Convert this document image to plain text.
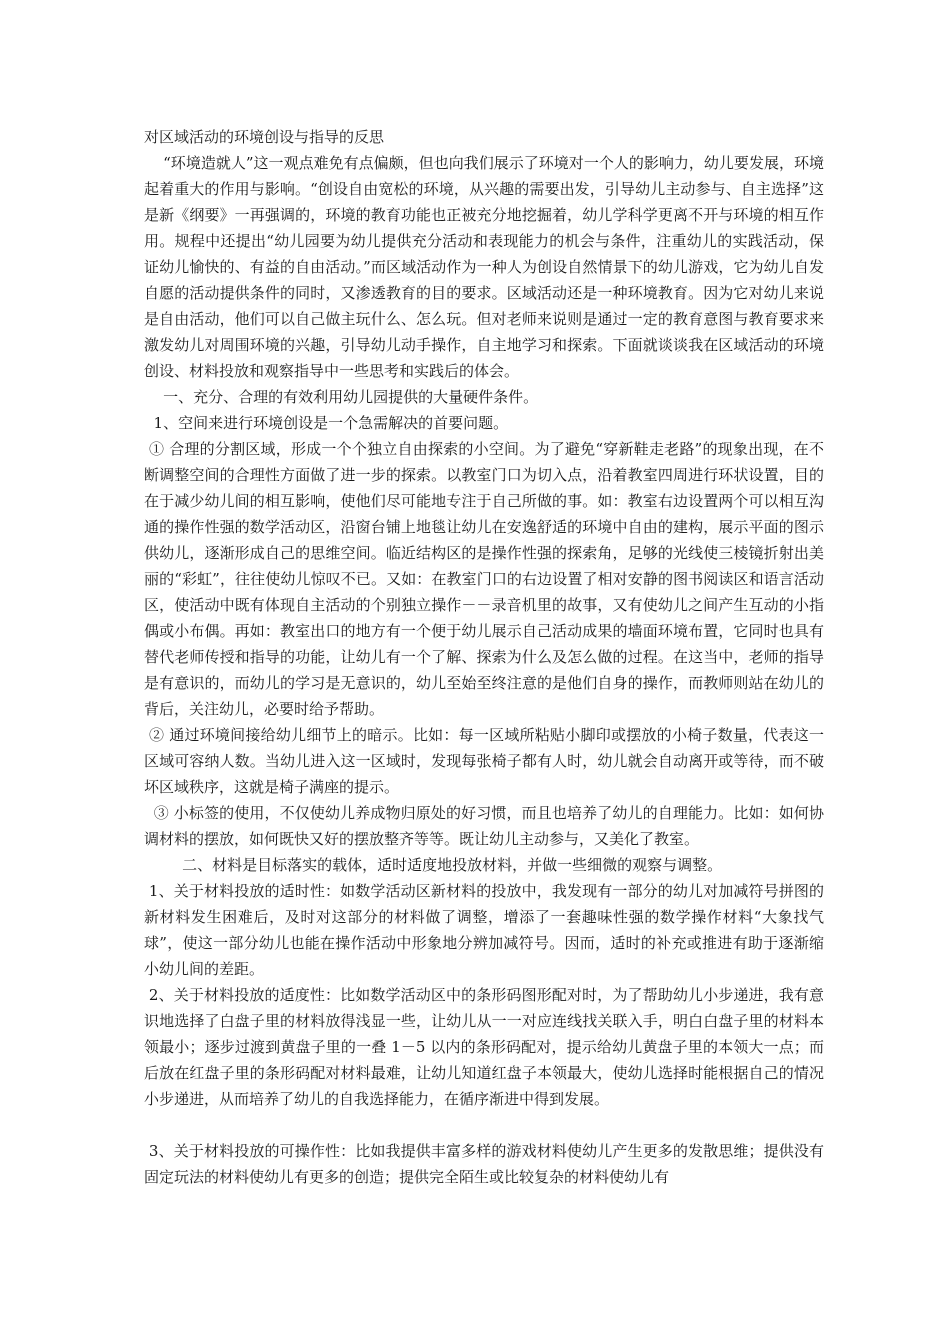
对区域活动的环境创设与指导的反思

“环境造就人”这一观点难免有点偏颇，但也向我们展示了环境对一个人的影响力，幼儿要发展，环境起着重大的作用与影响。“创设自由宽松的环境，从兴趣的需要出发，引导幼儿主动参与、自主选择”这是新《纲要》一再强调的，环境的教育功能也正被充分地挖掘着，幼儿学科学更离不开与环境的相互作用。规程中还提出“幼儿园要为幼儿提供充分活动和表现能力的机会与条件，注重幼儿的实践活动，保证幼儿愉快的、有益的自由活动。”而区域活动作为一种人为创设自然情景下的幼儿游戏，它为幼儿自发自愿的活动提供条件的同时，又渗透教育的目的要求。区域活动还是一种环境教育。因为它对幼儿来说是自由活动，他们可以自己做主玩什么、怎么玩。但对老师来说则是通过一定的教育意图与教育要求来激发幼儿对周围环境的兴趣，引导幼儿动手操作，自主地学习和探索。下面就谈谈我在区域活动的环境创设、材料投放和观察指导中一些思考和实践后的体会。

一、充分、合理的有效利用幼儿园提供的大量硬件条件。

1、空间来进行环境创设是一个急需解决的首要问题。

① 合理的分割区域，形成一个个独立自由探索的小空间。为了避免“穿新鞋走老路”的现象出现，在不断调整空间的合理性方面做了进一步的探索。以教室门口为切入点，沿着教室四周进行环状设置，目的在于减少幼儿间的相互影响，使他们尽可能地专注于自己所做的事。如：教室右边设置两个可以相互沟通的操作性强的数学活动区，沿窗台铺上地毯让幼儿在安逸舒适的环境中自由的建构，展示平面的图示供幼儿，逐渐形成自己的思维空间。临近结构区的是操作性强的探索角，足够的光线使三棱镜折射出美丽的“彩虹”，往往使幼儿惊叹不已。又如：在教室门口的右边设置了相对安静的图书阅读区和语言活动区，使活动中既有体现自主活动的个别独立操作－－录音机里的故事，又有使幼儿之间产生互动的小指偶或小布偶。再如：教室出口的地方有一个便于幼儿展示自己活动成果的墙面环境布置，它同时也具有替代老师传授和指导的功能，让幼儿有一个了解、探索为什么及怎么做的过程。在这当中，老师的指导是有意识的，而幼儿的学习是无意识的，幼儿至始至终注意的是他们自身的操作，而教师则站在幼儿的背后，关注幼儿，必要时给予帮助。

② 通过环境间接给幼儿细节上的暗示。比如：每一区域所粘贴小脚印或摆放的小椅子数量，代表这一区域可容纳人数。当幼儿进入这一区域时，发现每张椅子都有人时，幼儿就会自动离开或等待，而不破坏区域秩序，这就是椅子满座的提示。

③ 小标签的使用，不仅使幼儿养成物归原处的好习惯，而且也培养了幼儿的自理能力。比如：如何协调材料的摆放，如何既快又好的摆放整齐等等。既让幼儿主动参与，又美化了教室。

二、材料是目标落实的载体，适时适度地投放材料，并做一些细微的观察与调整。

1、关于材料投放的适时性：如数学活动区新材料的投放中，我发现有一部分的幼儿对加减符号拼图的新材料发生困难后，及时对这部分的材料做了调整，增添了一套趣味性强的数学操作材料“大象找气球”，使这一部分幼儿也能在操作活动中形象地分辨加减符号。因而，适时的补充或推进有助于逐渐缩小幼儿间的差距。

2、关于材料投放的适度性：比如数学活动区中的条形码图形配对时，为了帮助幼儿小步递进，我有意识地选择了白盘子里的材料放得浅显一些，让幼儿从一一对应连线找关联入手，明白白盘子里的材料本领最小；逐步过渡到黄盘子里的一叠 1－5 以内的条形码配对，提示给幼儿黄盘子里的本领大一点；而后放在红盘子里的条形码配对材料最难，让幼儿知道红盘子本领最大，使幼儿选择时能根据自己的情况小步递进，从而培养了幼儿的自我选择能力，在循序渐进中得到发展。

3、关于材料投放的可操作性：比如我提供丰富多样的游戏材料使幼儿产生更多的发散思维；提供没有固定玩法的材料使幼儿有更多的创造；提供完全陌生或比较复杂的材料使幼儿有
